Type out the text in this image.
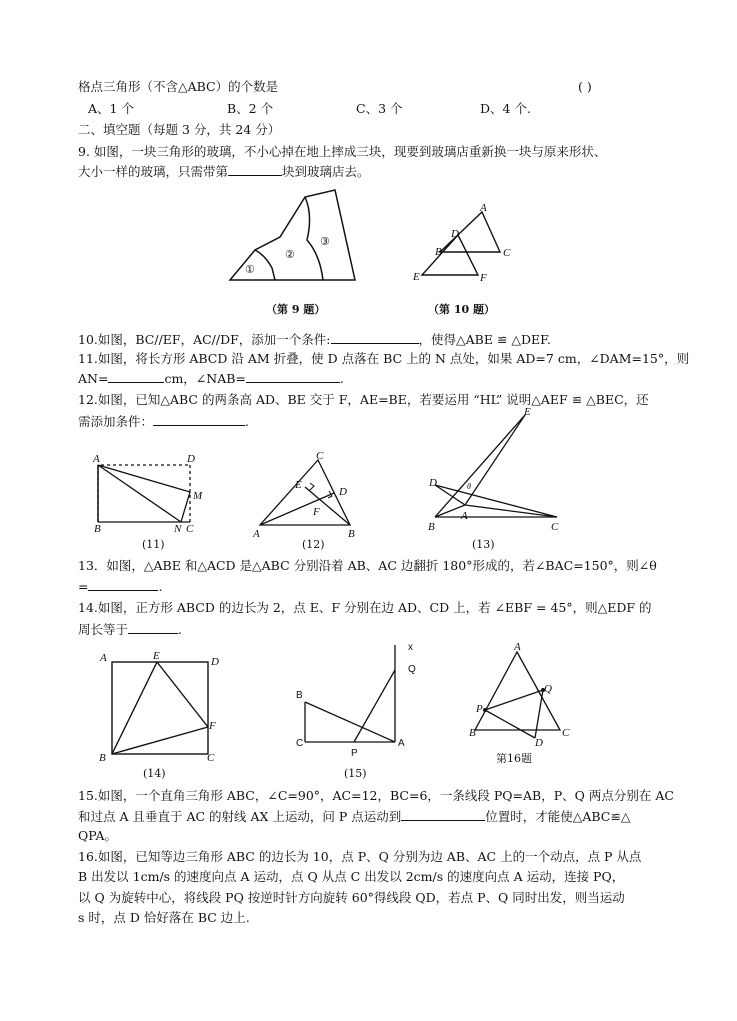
格点三角形（不含△ABC）的个数是	( )
A、1 个	B、2 个	C、3 个	D、4 个.
二、填空题（每题 3 分，共 24 分）
9. 如图，一块三角形的玻璃，不小心掉在地上摔成三块，现要到玻璃店重新换一块与原来形状、
大小一样的玻璃，只需带第	块到玻璃店去。
①
②
③
（第 9 题）
A
D
B	C
E	F
（第 10 题）
10.如图，BC//EF，AC//DF，添加一个条件:	，使得△ABE ≌ △DEF.
11.如图，将长方形 ABCD 沿 AM 折叠，使 D 点落在 BC 上的 N 点处，如果 AD=7 cm，∠DAM=15°，则
AN=	cm，∠NAB=	.
12.如图，已知△ABC 的两条高 AD、BE 交于 F，AE=BE，若要运用 “HL” 说明△AEF ≌ △BEC，还
需添加条件：	.
A	D
M
B	N C
(11)
C
E
D
F
A	B
(12)
E
D	θ
B
A
C
(13)
13．如图，△ABE 和△ACD 是△ABC 分别沿着 AB、AC 边翻折 180°形成的，若∠BAC=150°，则∠θ
=	.
14.如图，正方形 ABCD 的边长为 2，点 E、F 分别在边 AD、CD 上，若 ∠EBF = 45°，则△EDF 的
周长等于	.
A	E	D
F
B	C
(14)
x
Q
B
C
P
A
(15)
A
Q
P
B
D
C
第16题
15.如图，一个直角三角形 ABC，∠C=90°，AC=12，BC=6，一条线段 PQ=AB，P、Q 两点分别在 AC
和过点 A 且垂直于 AC 的射线 AX 上运动，问 P 点运动到	位置时，才能使△ABC≌△
QPA。
16.如图，已知等边三角形 ABC 的边长为 10，点 P、Q 分别为边 AB、AC 上的一个动点，点 P 从点
B 出发以 1cm/s 的速度向点 A 运动，点 Q 从点 C 出发以 2cm/s 的速度向点 A 运动，连接 PQ，
以 Q 为旋转中心，将线段 PQ 按逆时针方向旋转 60°得线段 QD，若点 P、Q 同时出发，则当运动
s 时，点 D 恰好落在 BC 边上.
